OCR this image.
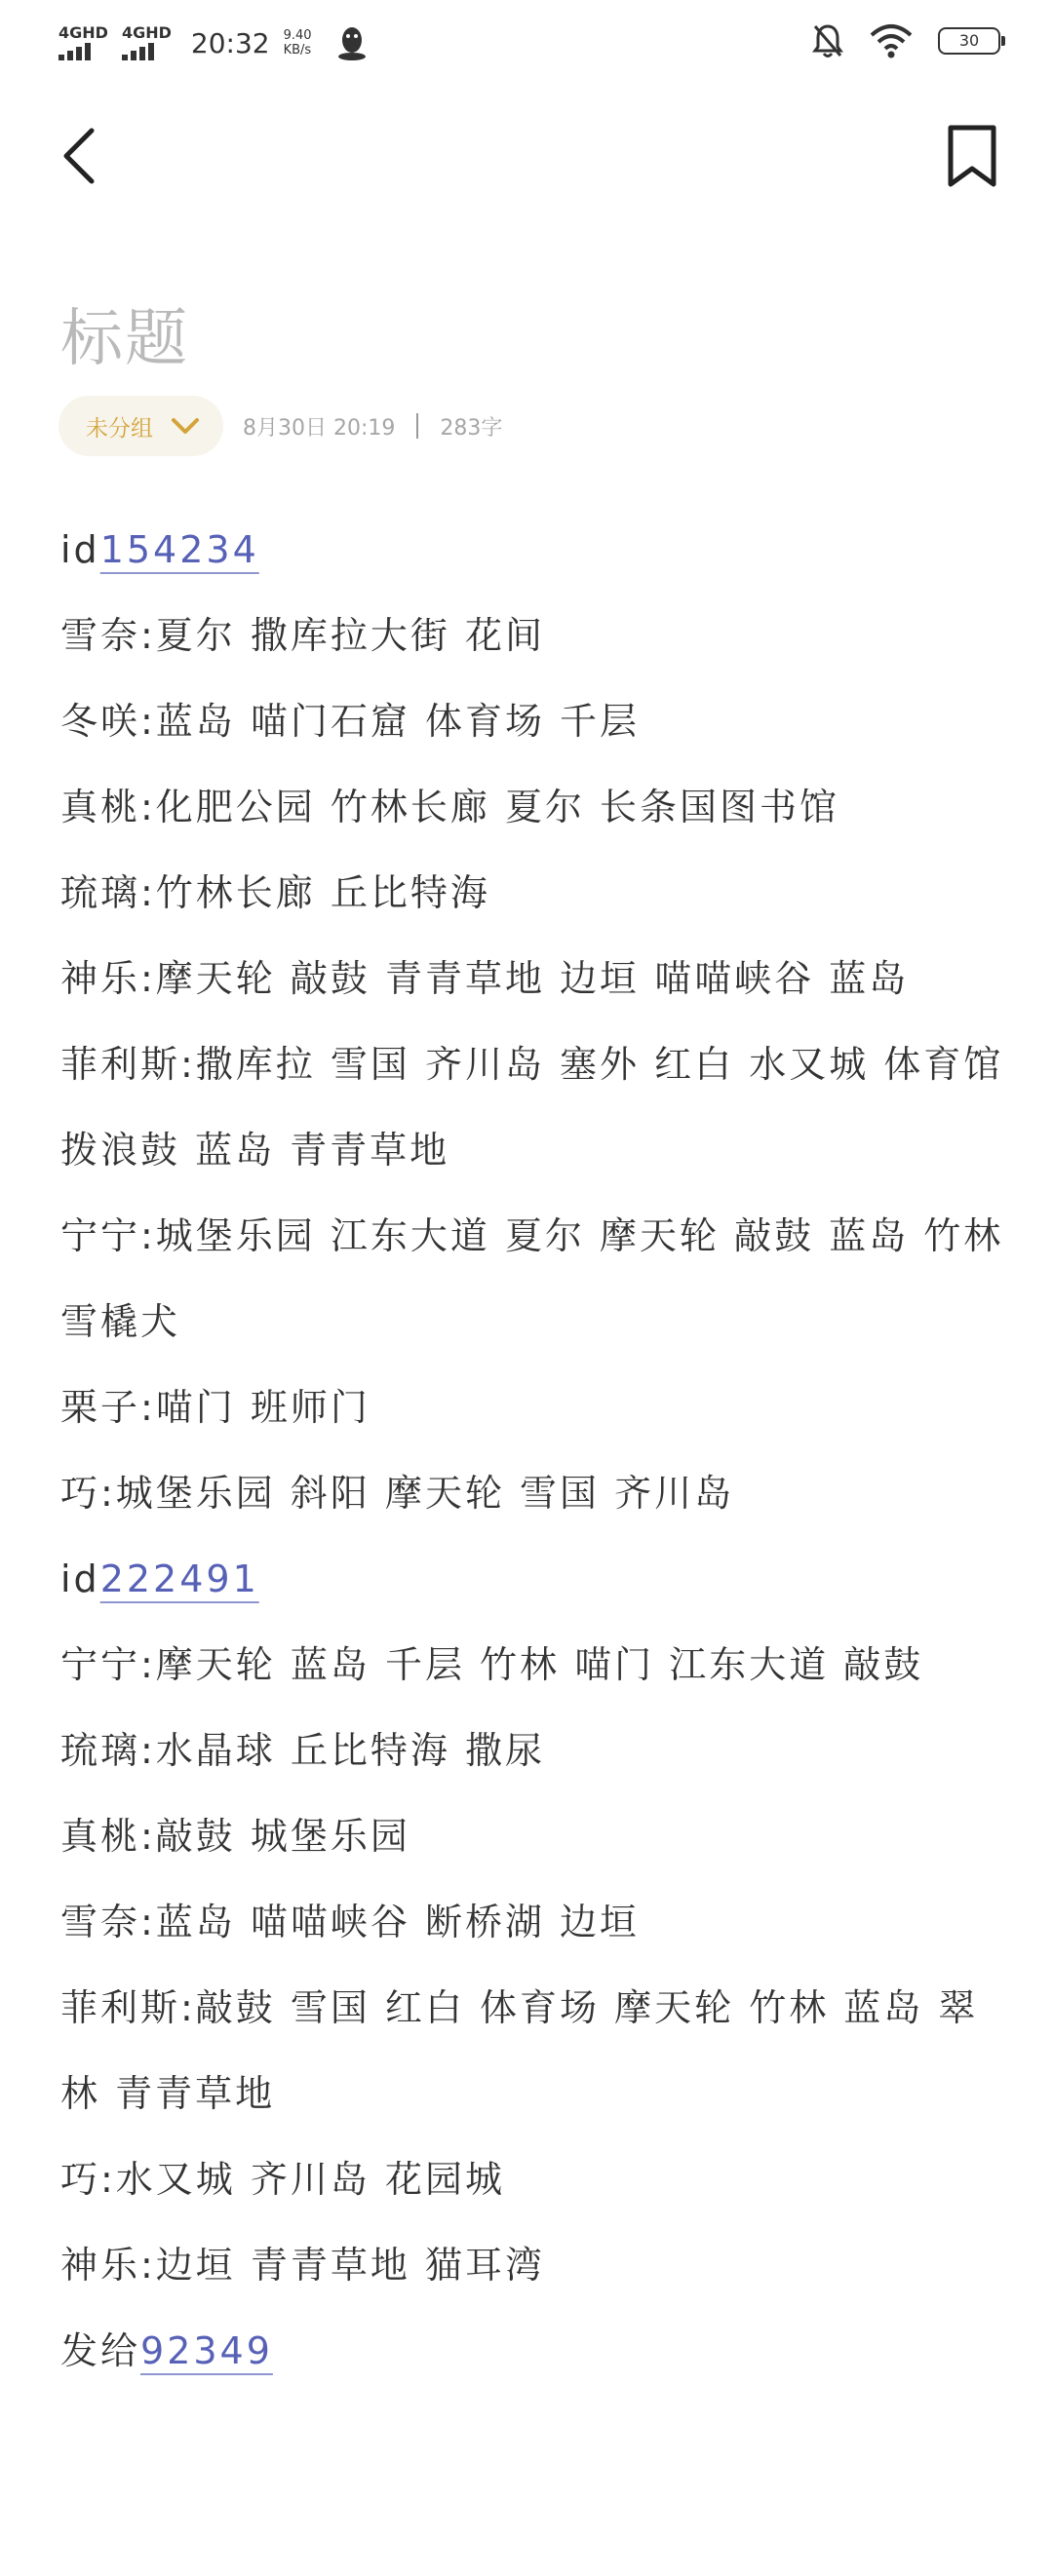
4GHD 4GHD 20:32 9.40
KB/s
30
标题
未分组	8月30日 20:19 283字
id154234
雪奈:夏尔 撒库拉大街 花间
冬咲:蓝岛 喵门石窟 体育场 千层
真桃:化肥公园 竹林长廊 夏尔 长条国图书馆
琉璃:竹林长廊 丘比特海
神乐:摩天轮 敲鼓 青青草地 边垣 喵喵峡谷 蓝岛
菲利斯:撒库拉 雪国 齐川岛 塞外 红白 水又城 体育馆 拨浪鼓 蓝岛 青青草地
宁宁:城堡乐园 江东大道 夏尔 摩天轮 敲鼓 蓝岛 竹林 雪橇犬
栗子:喵门 班师门
巧:城堡乐园 斜阳 摩天轮 雪国 齐川岛
id222491
宁宁:摩天轮 蓝岛 千层 竹林 喵门 江东大道 敲鼓
琉璃:水晶球 丘比特海 撒尿
真桃:敲鼓 城堡乐园
雪奈:蓝岛 喵喵峡谷 断桥湖 边垣
菲利斯:敲鼓 雪国 红白 体育场 摩天轮 竹林 蓝岛 翠林 青青草地
巧:水又城 齐川岛 花园城
神乐:边垣 青青草地 猫耳湾
发给92349
